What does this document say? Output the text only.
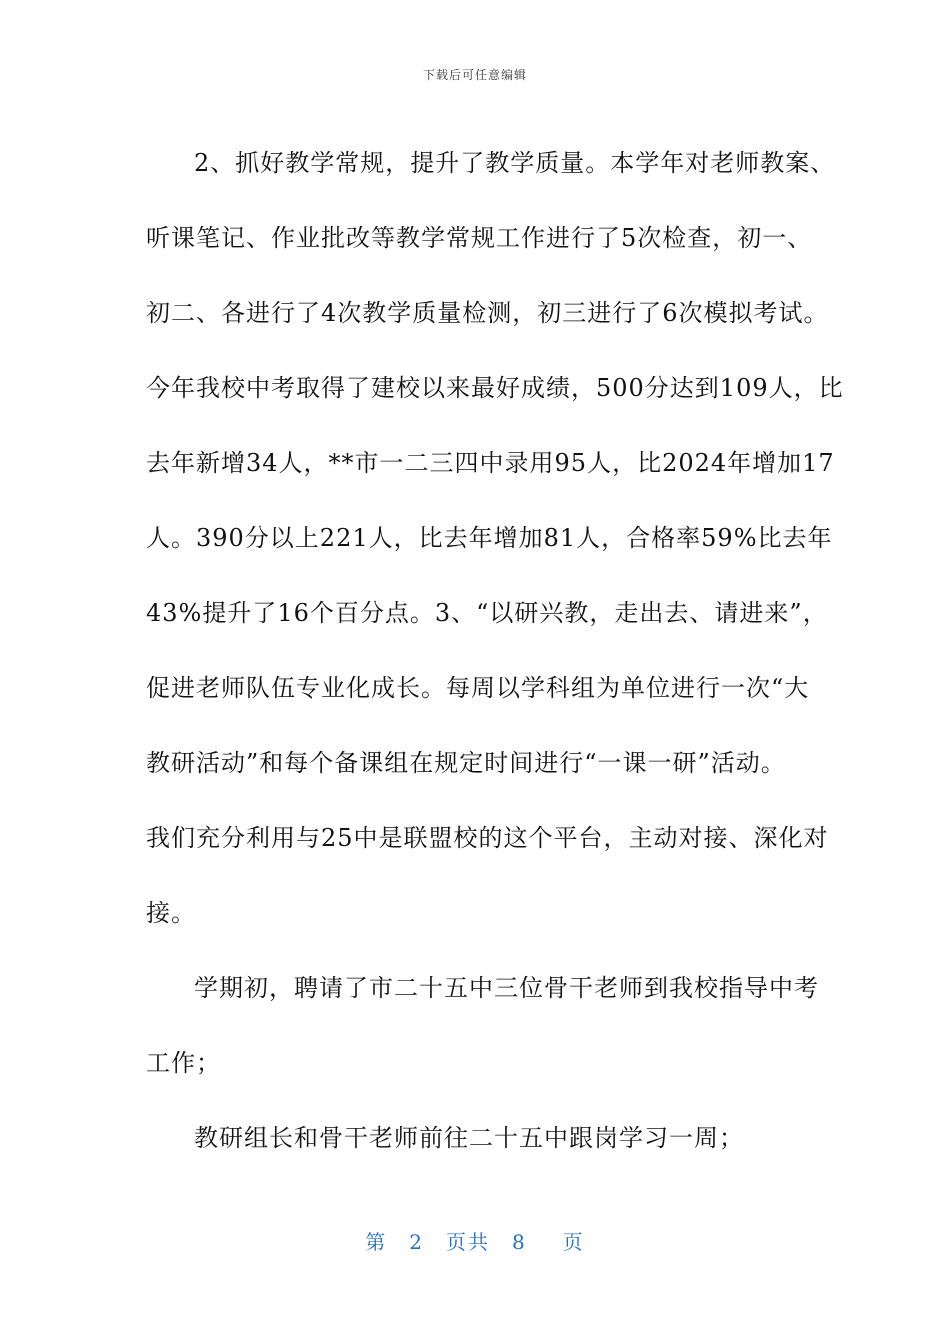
下载后可任意编辑
2、抓好教学常规，提升了教学质量。本学年对老师教案、
听课笔记、作业批改等教学常规工作进行了5次检查，初一、
初二、各进行了4次教学质量检测，初三进行了6次模拟考试。
今年我校中考取得了建校以来最好成绩，500分达到109人，比
去年新增34人，**市一二三四中录用95人，比2024年增加17
人。390分以上221人，比去年增加81人，合格率59%比去年
43%提升了16个百分点。3、“以研兴教，走出去、请进来”，
促进老师队伍专业化成长。每周以学科组为单位进行一次“大
教研活动”和每个备课组在规定时间进行“一课一研”活动。
我们充分利用与25中是联盟校的这个平台，主动对接、深化对
接。
学期初，聘请了市二十五中三位骨干老师到我校指导中考
工作；
教研组长和骨干老师前往二十五中跟岗学习一周；
第 2 页共 8 页
